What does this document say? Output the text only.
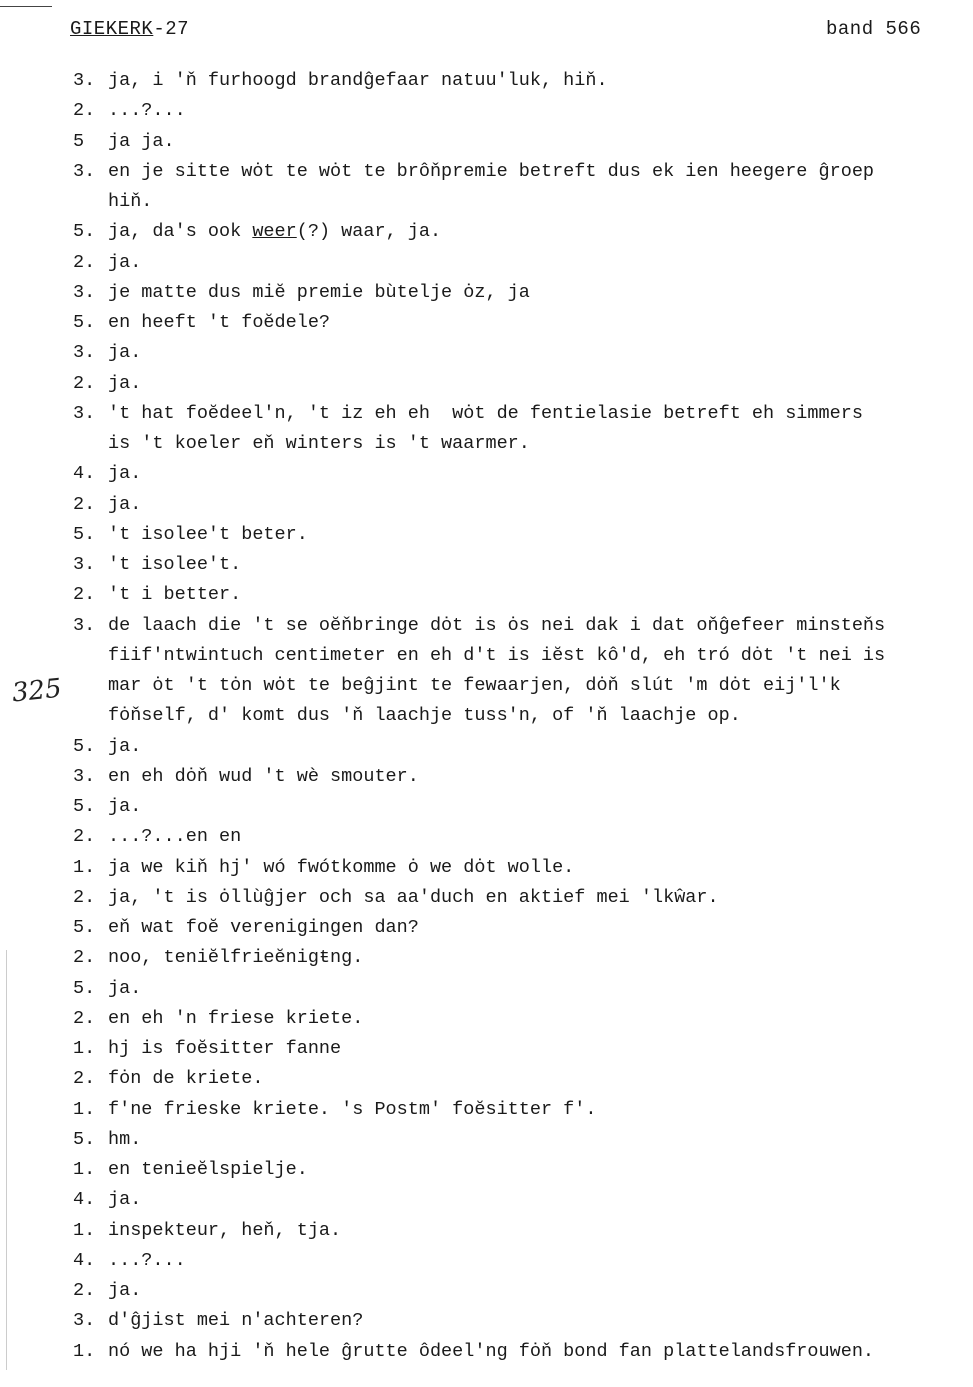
GIEKERK-27	band 566
325
3. ja, i 'ň furhoogd brandĝefaar natuu'luk, hiň.
2. ...?...
5 ja ja.
3. en je sitte wȯt te wȯt te brôňpremie betreft dus ek ien heegere ĝroep
hiň.
5. ja, da's ook weer(?) waar, ja.
2. ja.
3. je matte dus miĕ premie bùtelje ȯz, ja
5. en heeft 't foĕdele?
3. ja.
2. ja.
3. 't hat foĕdeel'n, 't iz eh eh  wȯt de fentielasie betreft eh simmers
is 't koeler eň winters is 't waarmer.
4. ja.
2. ja.
5. 't isolee't beter.
3. 't isolee't.
2. 't i better.
3. de laach die 't se oĕňbringe dȯt is ȯs nei dak i dat oňĝefeer minsteňs
fiif'ntwintuch centimeter en eh d't is iĕst kô'd, eh tró dȯt 't nei is
mar ȯt 't tȯn wȯt te beĝjint te fewaarjen, dȯň slút 'm dȯt eij'l'k
fȯňself, d' komt dus 'ň laachje tuss'n, of 'ň laachje op.
5. ja.
3. en eh dȯň wud 't wè smouter.
5. ja.
2. ...?...en en
1. ja we kiň hj' wó fwótkomme ȯ we dȯt wolle.
2. ja, 't is ȯllùĝjer och sa aa'duch en aktief mei 'lkŵar.
5. eň wat foĕ verenigingen dan?
2. noo, teniĕlfrieĕnigŧng.
5. ja.
2. en eh 'n friese kriete.
1. hj is foĕsitter fanne
2. fȯn de kriete.
1. f'ne frieske kriete. 's Postm' foĕsitter f'.
5. hm.
1. en tenieĕlspielje.
4. ja.
1. inspekteur, heň, tja.
4. ...?...
2. ja.
3. d'ĝjist mei n'achteren?
1. nó we ha hji 'ň hele ĝrutte ôdeel'ng fȯň bond fan plattelandsfrouwen.
